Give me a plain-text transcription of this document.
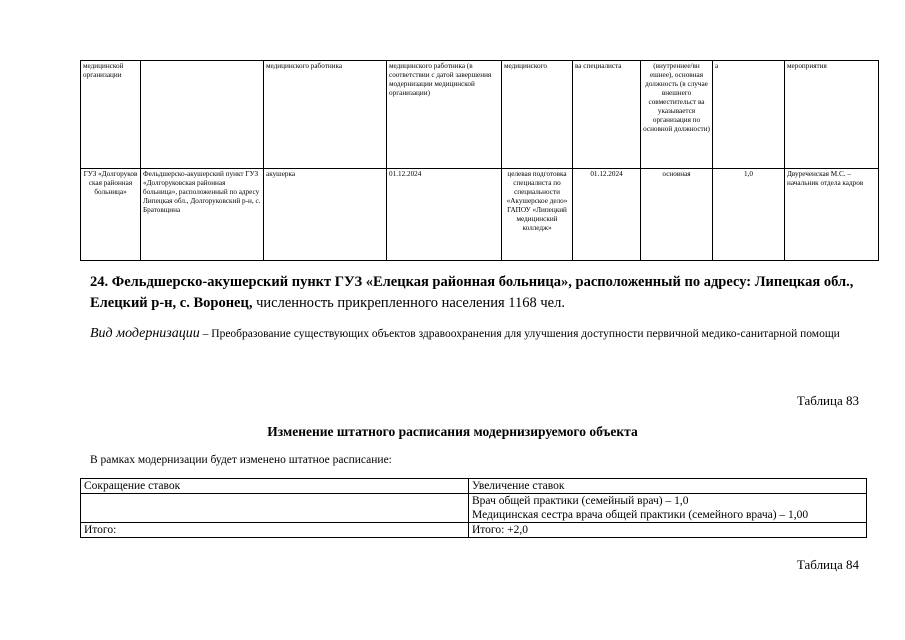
медицинской организации		медицинского работника	медицинского работника (в соответствии с датой завершения модернизации медицинской организации)	медицинского	ва специалиста	(внутреннее/вн ешнее), основная должность (в случае внешнего совместительст ва указывается организация по основной должности)	а	мероприятия
ГУЗ «Долгоруков ская районная больница»	Фельдшерско-акушерский пункт ГУЗ «Долгоруковская районная больница», расположенный по адресу Липецкая обл., Долгоруковский р-н, с. Братовщина	акушерка	01.12.2024	целевая подготовка специалиста по специальности «Акушерское дело» ГАПОУ «Липецкий медицинский колледж»	01.12.2024	основная	1,0	Двуреченская М.С. – начальник отдела кадров
24. Фельдшерско-акушерский пункт ГУЗ «Елецкая районная больница», расположенный по адресу: Липецкая обл., Елецкий р-н, с. Воронец, численность прикрепленного населения 1168 чел.
Вид модернизации – Преобразование существующих объектов здравоохранения для улучшения доступности первичной медико-санитарной помощи
Таблица 83
Изменение штатного расписания модернизируемого объекта
В рамках модернизации будет изменено штатное расписание:
Сокращение ставок	Увеличение ставок

	Врач общей практики (семейный врач) – 1,0
Медицинская сестра врача общей практики (семейного врача) – 1,00

Итого:	Итого: +2,0
Таблица 84
